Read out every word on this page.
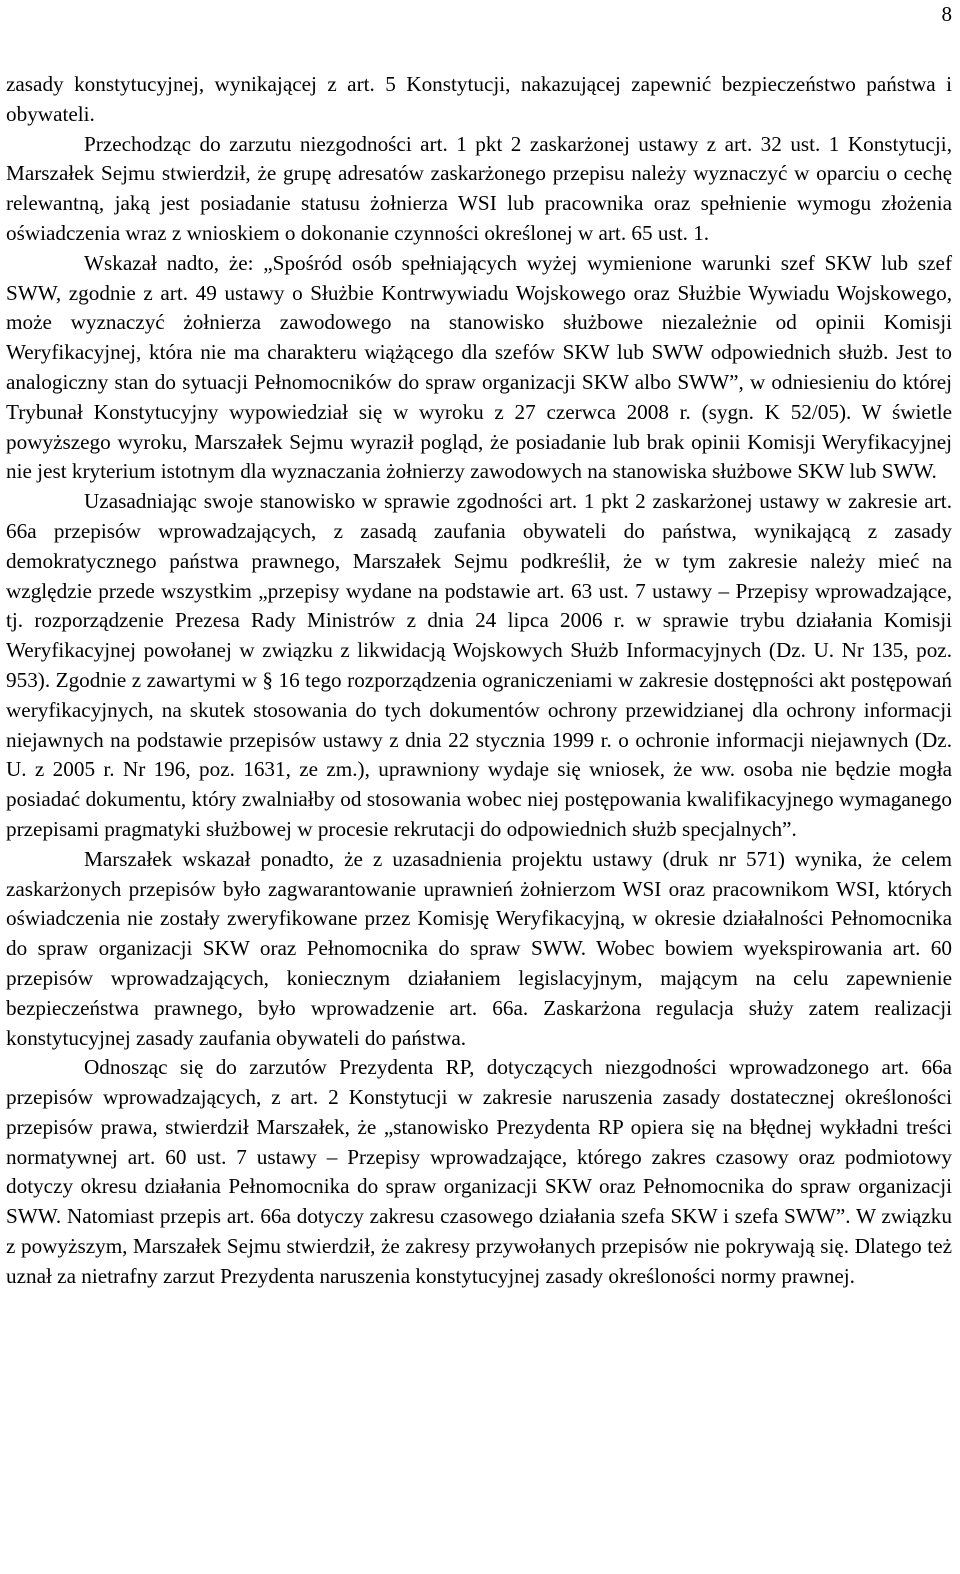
8

zasady konstytucyjnej, wynikającej z art. 5 Konstytucji, nakazującej zapewnić bezpieczeństwo państwa i obywateli.

Przechodząc do zarzutu niezgodności art. 1 pkt 2 zaskarżonej ustawy z art. 32 ust. 1 Konstytucji, Marszałek Sejmu stwierdził, że grupę adresatów zaskarżonego przepisu należy wyznaczyć w oparciu o cechę relewantną, jaką jest posiadanie statusu żołnierza WSI lub pracownika oraz spełnienie wymogu złożenia oświadczenia wraz z wnioskiem o dokonanie czynności określonej w art. 65 ust. 1.

Wskazał nadto, że: „Spośród osób spełniających wyżej wymienione warunki szef SKW lub szef SWW, zgodnie z art. 49 ustawy o Służbie Kontrwywiadu Wojskowego oraz Służbie Wywiadu Wojskowego, może wyznaczyć żołnierza zawodowego na stanowisko służbowe niezależnie od opinii Komisji Weryfikacyjnej, która nie ma charakteru wiążącego dla szefów SKW lub SWW odpowiednich służb. Jest to analogiczny stan do sytuacji Pełnomocników do spraw organizacji SKW albo SWW”, w odniesieniu do której Trybunał Konstytucyjny wypowiedział się w wyroku z 27 czerwca 2008 r. (sygn. K 52/05). W świetle powyższego wyroku, Marszałek Sejmu wyraził pogląd, że posiadanie lub brak opinii Komisji Weryfikacyjnej nie jest kryterium istotnym dla wyznaczania żołnierzy zawodowych na stanowiska służbowe SKW lub SWW.

Uzasadniając swoje stanowisko w sprawie zgodności art. 1 pkt 2 zaskarżonej ustawy w zakresie art. 66a przepisów wprowadzających, z zasadą zaufania obywateli do państwa, wynikającą z zasady demokratycznego państwa prawnego, Marszałek Sejmu podkreślił, że w tym zakresie należy mieć na względzie przede wszystkim „przepisy wydane na podstawie art. 63 ust. 7 ustawy – Przepisy wprowadzające, tj. rozporządzenie Prezesa Rady Ministrów z dnia 24 lipca 2006 r. w sprawie trybu działania Komisji Weryfikacyjnej powołanej w związku z likwidacją Wojskowych Służb Informacyjnych (Dz. U. Nr 135, poz. 953). Zgodnie z zawartymi w § 16 tego rozporządzenia ograniczeniami w zakresie dostępności akt postępowań weryfikacyjnych, na skutek stosowania do tych dokumentów ochrony przewidzianej dla ochrony informacji niejawnych na podstawie przepisów ustawy z dnia 22 stycznia 1999 r. o ochronie informacji niejawnych (Dz. U. z 2005 r. Nr 196, poz. 1631, ze zm.), uprawniony wydaje się wniosek, że ww. osoba nie będzie mogła posiadać dokumentu, który zwalniałby od stosowania wobec niej postępowania kwalifikacyjnego wymaganego przepisami pragmatyki służbowej w procesie rekrutacji do odpowiednich służb specjalnych”.

Marszałek wskazał ponadto, że z uzasadnienia projektu ustawy (druk nr 571) wynika, że celem zaskarżonych przepisów było zagwarantowanie uprawnień żołnierzom WSI oraz pracownikom WSI, których oświadczenia nie zostały zweryfikowane przez Komisję Weryfikacyjną, w okresie działalności Pełnomocnika do spraw organizacji SKW oraz Pełnomocnika do spraw SWW. Wobec bowiem wyekspirowania art. 60 przepisów wprowadzających, koniecznym działaniem legislacyjnym, mającym na celu zapewnienie bezpieczeństwa prawnego, było wprowadzenie art. 66a. Zaskarżona regulacja służy zatem realizacji konstytucyjnej zasady zaufania obywateli do państwa.

Odnosząc się do zarzutów Prezydenta RP, dotyczących niezgodności wprowadzonego art. 66a przepisów wprowadzających, z art. 2 Konstytucji w zakresie naruszenia zasady dostatecznej określoności przepisów prawa, stwierdził Marszałek, że „stanowisko Prezydenta RP opiera się na błędnej wykładni treści normatywnej art. 60 ust. 7 ustawy – Przepisy wprowadzające, którego zakres czasowy oraz podmiotowy dotyczy okresu działania Pełnomocnika do spraw organizacji SKW oraz Pełnomocnika do spraw organizacji SWW. Natomiast przepis art. 66a dotyczy zakresu czasowego działania szefa SKW i szefa SWW”. W związku z powyższym, Marszałek Sejmu stwierdził, że zakresy przywołanych przepisów nie pokrywają się. Dlatego też uznał za nietrafny zarzut Prezydenta naruszenia konstytucyjnej zasady określoności normy prawnej.
